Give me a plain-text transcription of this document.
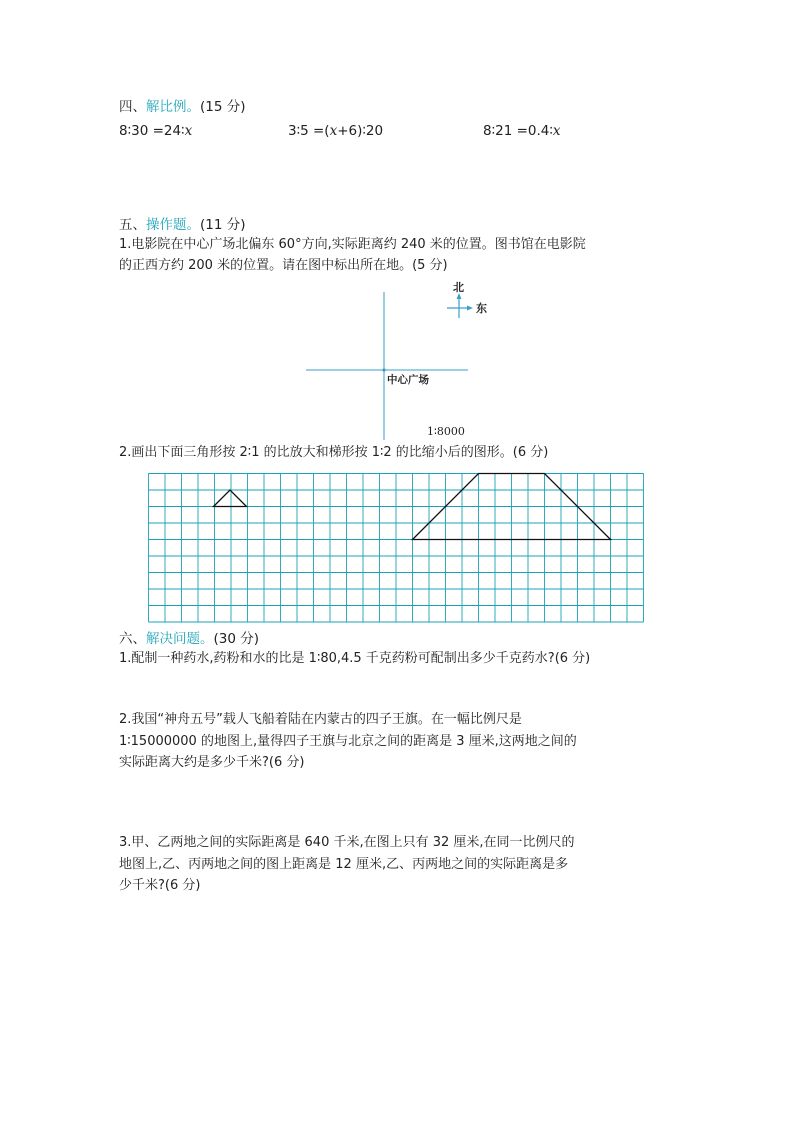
四、解比例。(15 分)
8∶30 =24∶x	3∶5 =(x+6)∶20	8∶21 =0.4∶x
五、操作题。(11 分)
1.电影院在中心广场北偏东 60°方向,实际距离约 240 米的位置。图书馆在电影院
的正西方约 200 米的位置。请在图中标出所在地。(5 分)
北
东
中心广场
1∶8000
2.画出下面三角形按 2∶1 的比放大和梯形按 1∶2 的比缩小后的图形。(6 分)
六、解决问题。(30 分)
1.配制一种药水,药粉和水的比是 1∶80,4.5 千克药粉可配制出多少千克药水?(6 分)
2.我国“神舟五号”载人飞船着陆在内蒙古的四子王旗。在一幅比例尺是
1∶15000000 的地图上,量得四子王旗与北京之间的距离是 3 厘米,这两地之间的
实际距离大约是多少千米?(6 分)
3.甲、乙两地之间的实际距离是 640 千米,在图上只有 32 厘米,在同一比例尺的
地图上,乙、丙两地之间的图上距离是 12 厘米,乙、丙两地之间的实际距离是多
少千米?(6 分)
